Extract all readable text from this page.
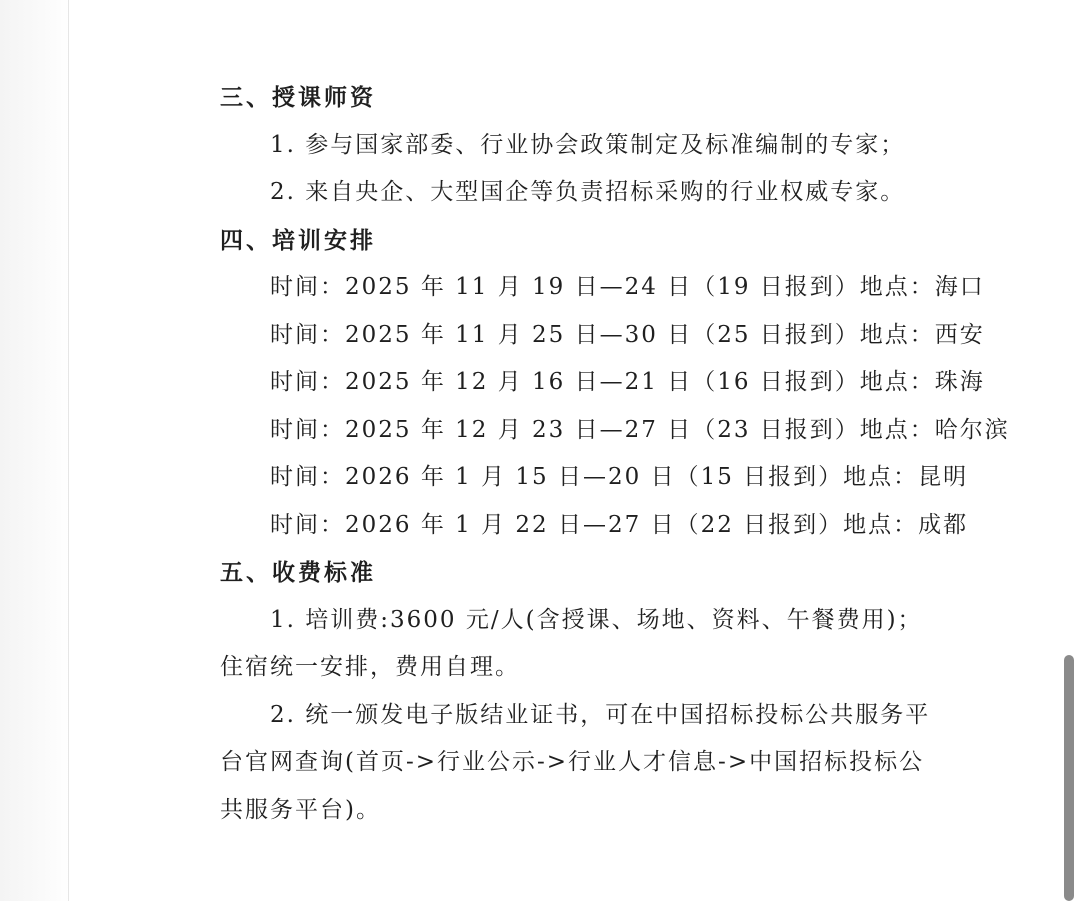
三、授课师资
1. 参与国家部委、行业协会政策制定及标准编制的专家；
2. 来自央企、大型国企等负责招标采购的行业权威专家。
四、培训安排
时间：2025 年 11 月 19 日—24 日（19 日报到）地点：海口
时间：2025 年 11 月 25 日—30 日（25 日报到）地点：西安
时间：2025 年 12 月 16 日—21 日（16 日报到）地点：珠海
时间：2025 年 12 月 23 日—27 日（23 日报到）地点：哈尔滨
时间：2026 年 1 月 15 日—20 日（15 日报到）地点：昆明
时间：2026 年 1 月 22 日—27 日（22 日报到）地点：成都
五、收费标准
1. 培训费:3600 元/人(含授课、场地、资料、午餐费用)；
住宿统一安排，费用自理。
2. 统一颁发电子版结业证书，可在中国招标投标公共服务平
台官网查询(首页->行业公示->行业人才信息->中国招标投标公
共服务平台)。
